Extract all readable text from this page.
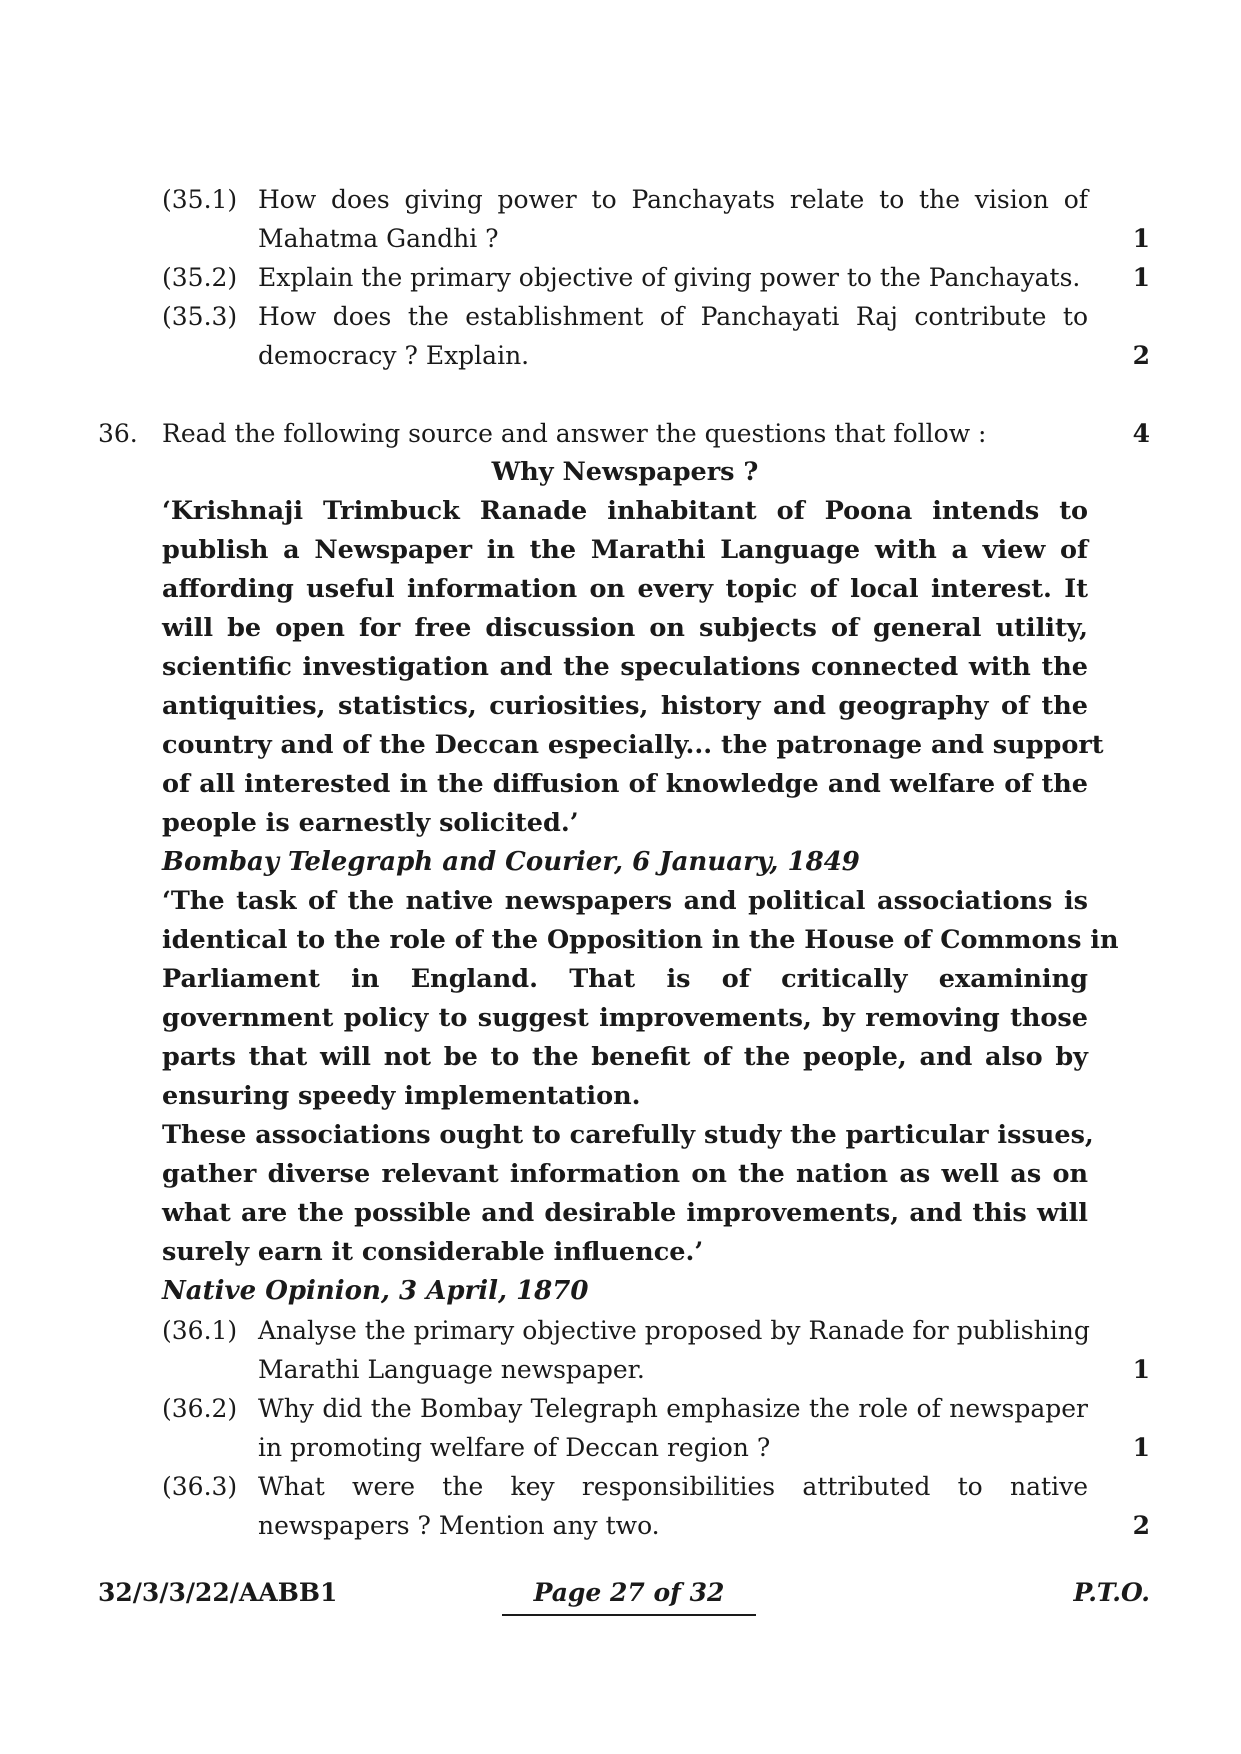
(35.1) How does giving power to Panchayats relate to the vision of
Mahatma Gandhi ?	1
(35.2) Explain the primary objective of giving power to the Panchayats.	1
(35.3) How does the establishment of Panchayati Raj contribute to
democracy ? Explain.	2
36. Read the following source and answer the questions that follow :	4
Why Newspapers ?
‘Krishnaji Trimbuck Ranade inhabitant of Poona intends to
publish a Newspaper in the Marathi Language with a view of
affording useful information on every topic of local interest. It
will be open for free discussion on subjects of general utility,
scientific investigation and the speculations connected with the
antiquities, statistics, curiosities, history and geography of the
country and of the Deccan especially... the patronage and support
of all interested in the diffusion of knowledge and welfare of the
people is earnestly solicited.’
Bombay Telegraph and Courier, 6 January, 1849
‘The task of the native newspapers and political associations is
identical to the role of the Opposition in the House of Commons in
Parliament in England. That is of critically examining
government policy to suggest improvements, by removing those
parts that will not be to the benefit of the people, and also by
ensuring speedy implementation.
These associations ought to carefully study the particular issues,
gather diverse relevant information on the nation as well as on
what are the possible and desirable improvements, and this will
surely earn it considerable influence.’
Native Opinion, 3 April, 1870
(36.1) Analyse the primary objective proposed by Ranade for publishing
Marathi Language newspaper.	1
(36.2) Why did the Bombay Telegraph emphasize the role of newspaper
in promoting welfare of Deccan region ?	1
(36.3) What were the key responsibilities attributed to native
newspapers ? Mention any two.	2
32/3/3/22/AABB1	Page 27 of 32	P.T.O.
